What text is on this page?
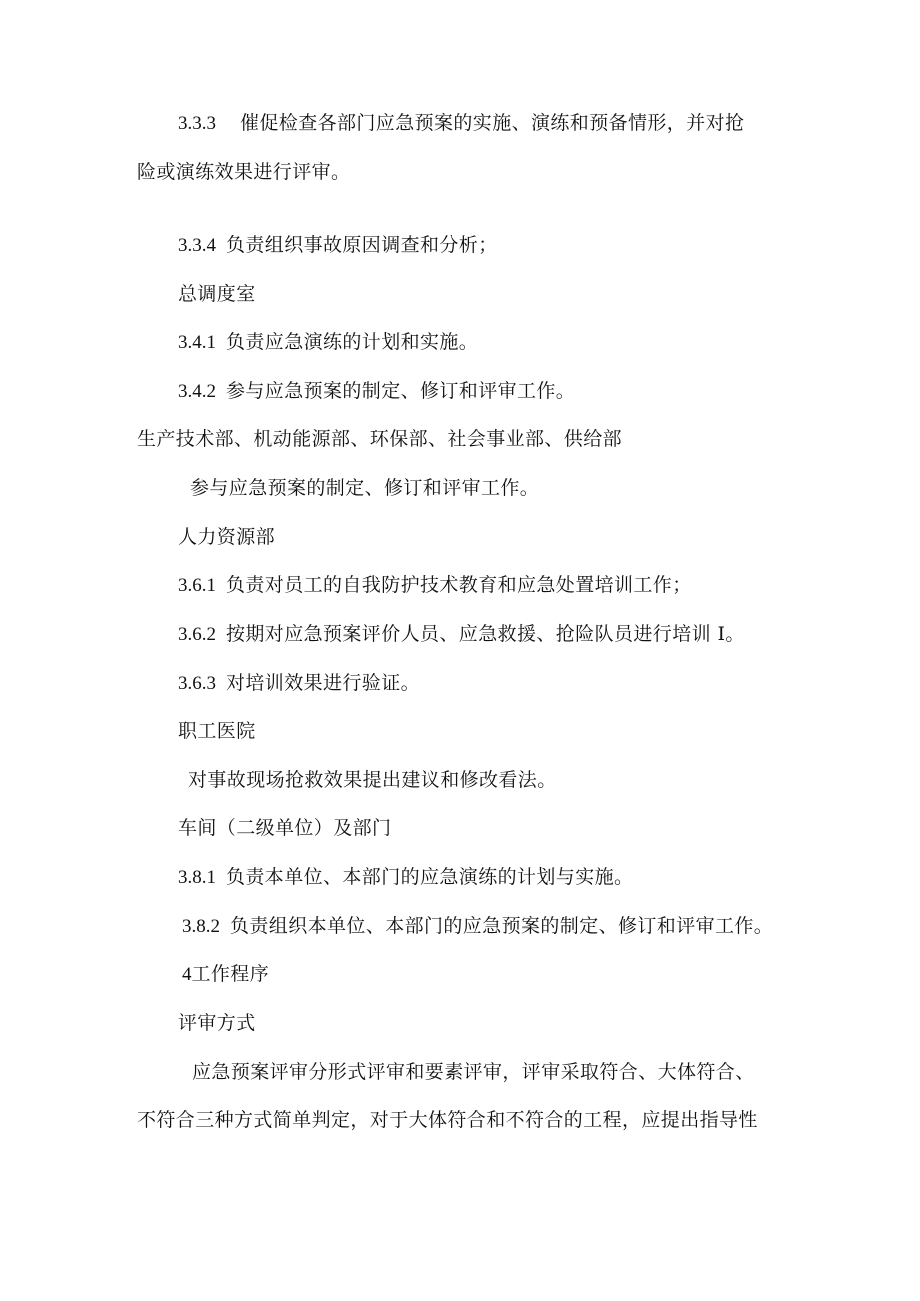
3.3.3 催促检查各部门应急预案的实施、演练和预备情形，并对抢
险或演练效果进行评审。
3.3.4 负责组织事故原因调查和分析；
总调度室
3.4.1 负责应急演练的计划和实施。
3.4.2 参与应急预案的制定、修订和评审工作。
生产技术部、机动能源部、环保部、社会事业部、供给部
参与应急预案的制定、修订和评审工作。
人力资源部
3.6.1 负责对员工的自我防护技术教育和应急处置培训工作；
3.6.2 按期对应急预案评价人员、应急救援、抢险队员进行培训 I。
3.6.3 对培训效果进行验证。
职工医院
对事故现场抢救效果提出建议和修改看法。
车间（二级单位）及部门
3.8.1 负责本单位、本部门的应急演练的计划与实施。
3.8.2 负责组织本单位、本部门的应急预案的制定、修订和评审工作。
4工作程序
评审方式
应急预案评审分形式评审和要素评审，评审采取符合、大体符合、
不符合三种方式简单判定，对于大体符合和不符合的工程，应提出指导性
